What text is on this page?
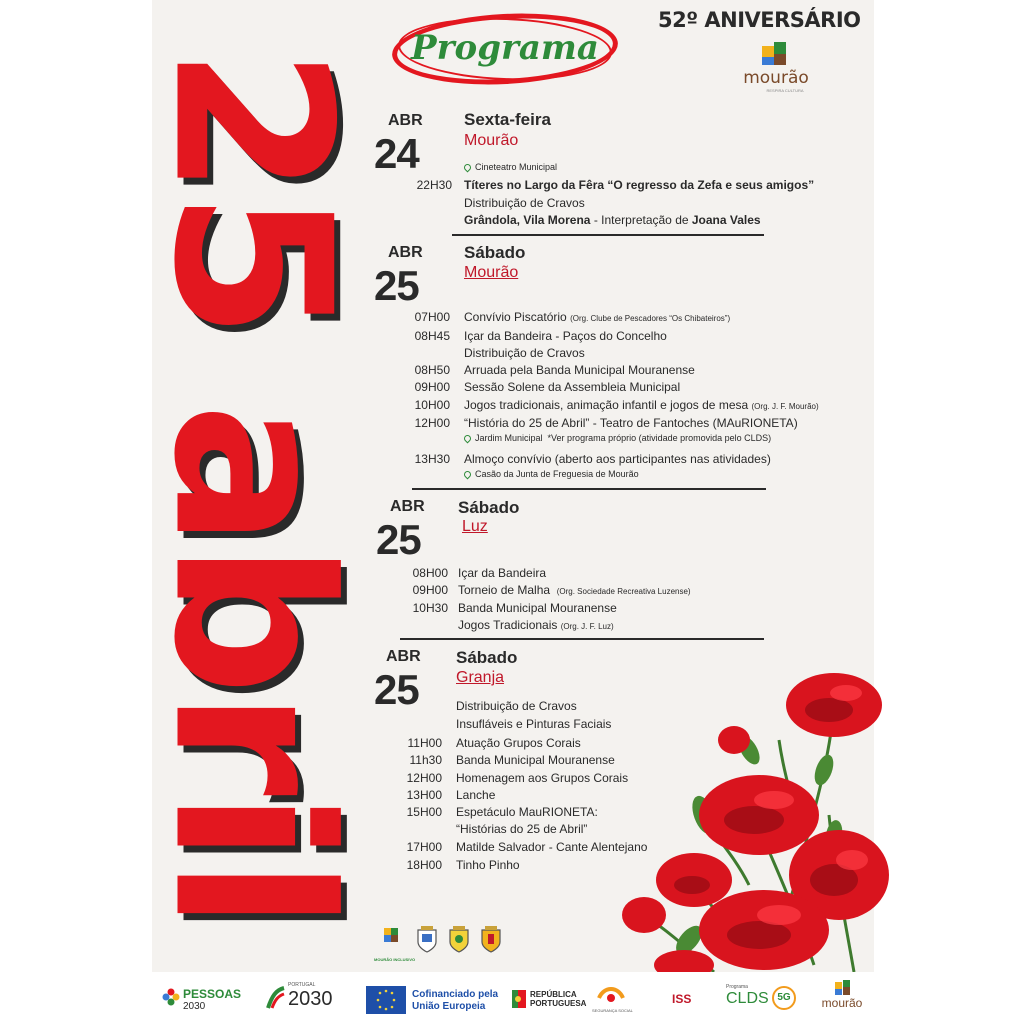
25 abril Programa
52º ANIVERSÁRIO
mourão
RESPIRA CULTURA
ABR
24
Sexta-feira
Mourão
Cineteatro Municipal
22H30 Títeres no Largo da Fêra “O regresso da Zefa e seus amigos”
Distribuição de Cravos
Grândola, Vila Morena - Interpretação de Joana Vales
ABR
25
Sábado
Mourão
07H00 Convívio Piscatório (Org. Clube de Pescadores “Os Chibateiros”)
08H45 Içar da Bandeira - Paços do Concelho
Distribuição de Cravos
08H50 Arruada pela Banda Municipal Mouranense
09H00 Sessão Solene da Assembleia Municipal
10H00 Jogos tradicionais, animação infantil e jogos de mesa (Org. J. F. Mourão)
12H00 “História do 25 de Abril” - Teatro de Fantoches (MAuRIONETA)
Jardim Municipal *Ver programa próprio (atividade promovida pelo CLDS)
13H30 Almoço convívio (aberto aos participantes nas atividades)
Casão da Junta de Freguesia de Mourão
ABR
25
Sábado
Luz
08H00 Içar da Bandeira
09H00 Torneio de Malha (Org. Sociedade Recreativa Luzense)
10H30 Banda Municipal Mouranense
Jogos Tradicionais (Org. J. F. Luz)
ABR
25
Sábado
Granja
Distribuição de Cravos
Insufláveis e Pinturas Faciais
11H00 Atuação Grupos Corais
11h30 Banda Municipal Mouranense
12H00 Homenagem aos Grupos Corais
13H00 Lanche
15H00 Espetáculo MauRIONETA:
“Histórias do 25 de Abril”
17H00 Matilde Salvador - Cante Alentejano
18H00 Tinho Pinho
MOURÃO INCLUSIVO
PESSOAS
2030
PORTUGAL
2030	Cofinanciado pela
União Europeia
REPÚBLICA
PORTUGUESA
SEGURANÇA SOCIAL
ISS
Programa
CLDS 5G	mourão
